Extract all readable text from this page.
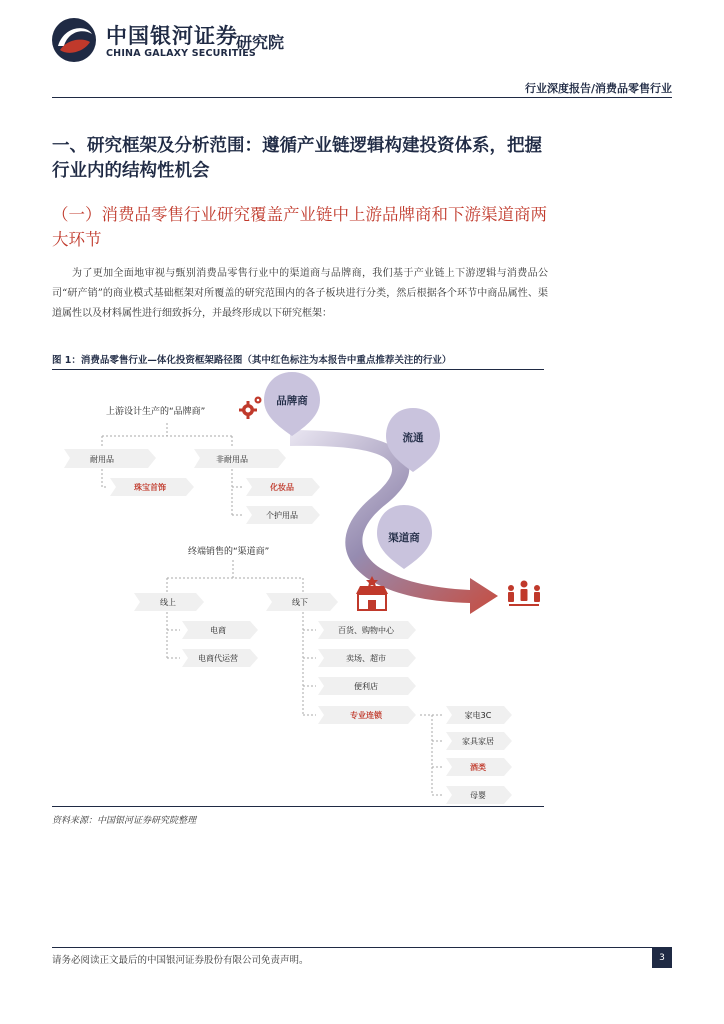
中国银河证券
CHINA GALAXY SECURITIES
研究院
行业深度报告/消费品零售行业
一、研究框架及分析范围：遵循产业链逻辑构建投资体系，把握行业内的结构性机会
（一）消费品零售行业研究覆盖产业链中上游品牌商和下游渠道商两大环节
为了更加全面地审视与甄别消费品零售行业中的渠道商与品牌商，我们基于产业链上下游逻辑与消费品公司“研产销”的商业模式基础框架对所覆盖的研究范围内的各子板块进行分类，然后根据各个环节中商品属性、渠道属性以及材料属性进行细致拆分，并最终形成以下研究框架：
图 1：消费品零售行业—体化投资框架路径图（其中红色标注为本报告中重点推荐关注的行业）
品牌商
流通
渠道商
上游设计生产的“品牌商”
耐用品	非耐用品
珠宝首饰	化妆品
个护用品
终端销售的“渠道商”
线上	线下
电商
电商代运营
百货、购物中心
卖场、超市
便利店
专业连锁	家电3C
家具家居
酒类
母婴
资料来源：中国银河证券研究院整理
请务必阅读正文最后的中国银河证券股份有限公司免责声明。	3
